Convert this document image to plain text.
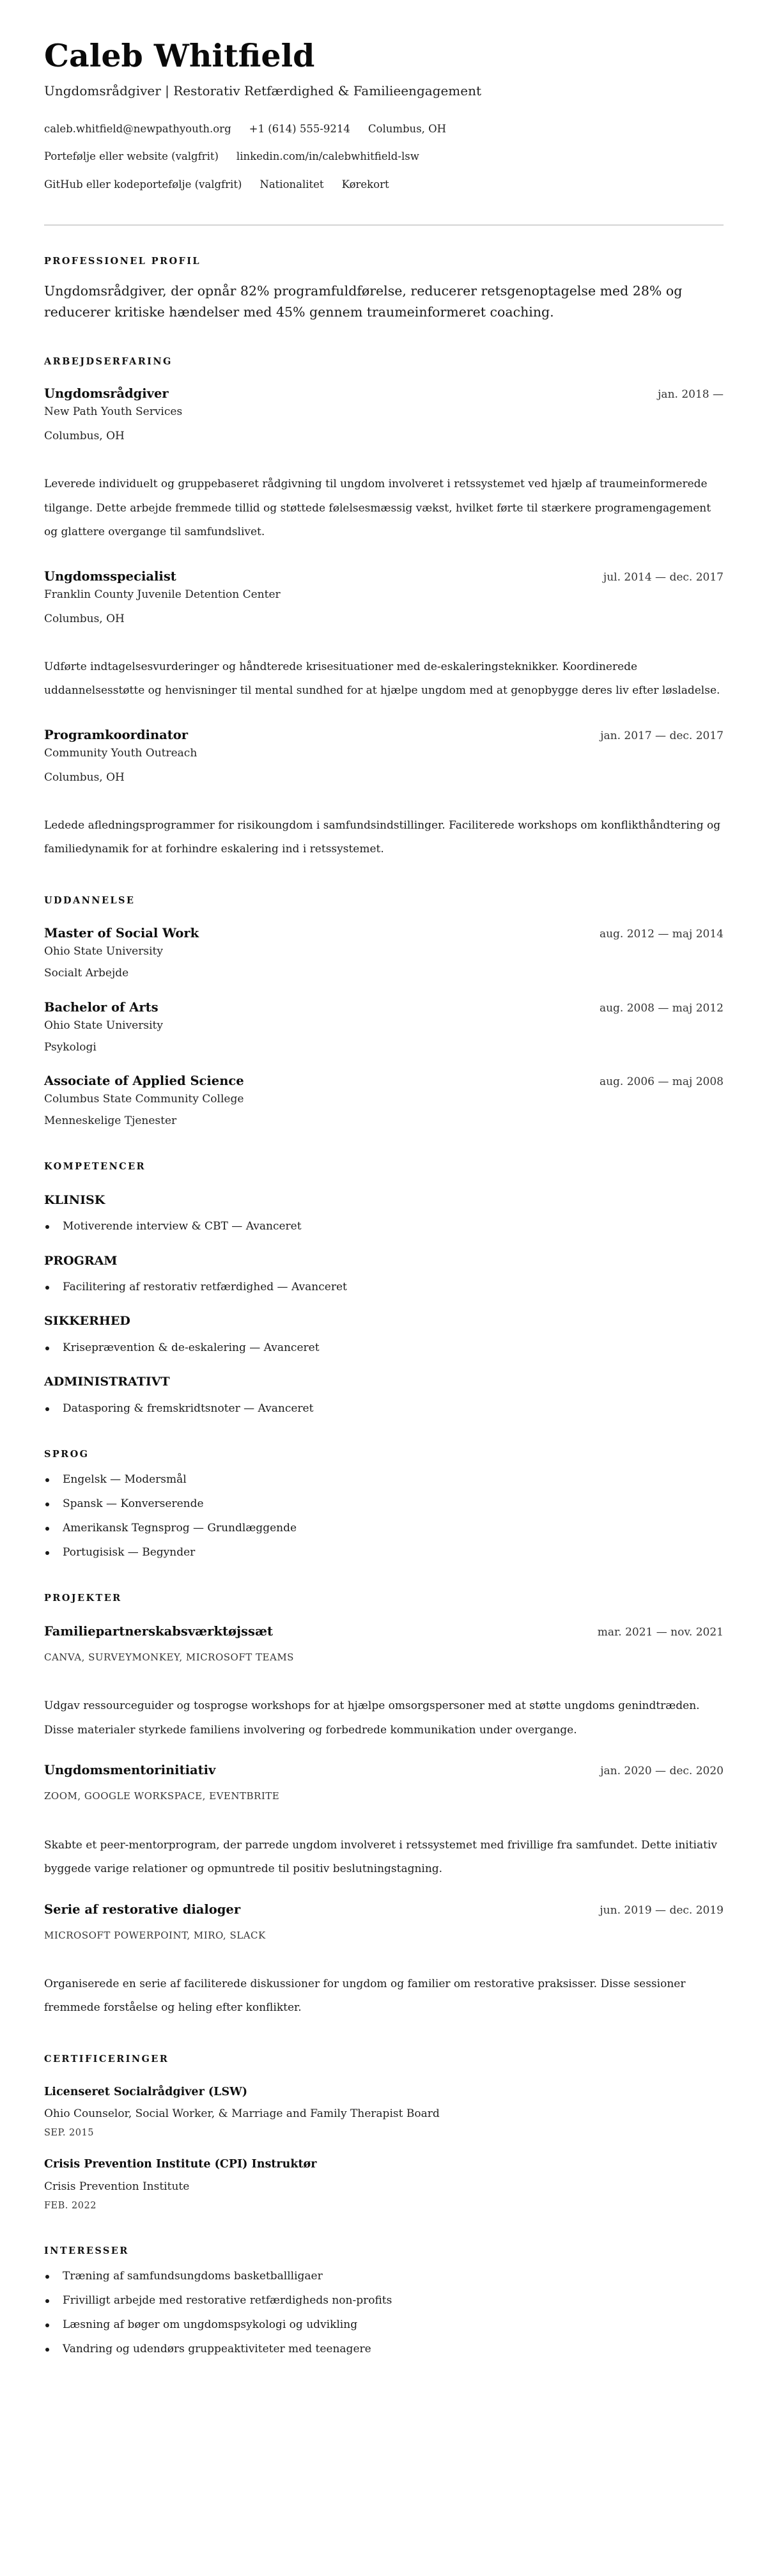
Caleb Whitfield

Ungdomsrådgiver | Restorativ Retfærdighed & Familieengagement

caleb.whitfield@newpathyouth.org +1 (614) 555-9214 Columbus, OH

Portefølje eller website (valgfrit) linkedin.com/in/calebwhitfield-lsw

GitHub eller kodeportefølje (valgfrit) Nationalitet Kørekort

PROFESSIONEL PROFIL

Ungdomsrådgiver, der opnår 82% programfuldførelse, reducerer retsgenoptagelse med 28% og reducerer kritiske hændelser med 45% gennem traumeinformeret coaching.

ARBEJDSERFARING
Ungdomsrådgiver	jan. 2018 —
New Path Youth Services
Columbus, OH

Leverede individuelt og gruppebaseret rådgivning til ungdom involveret i retssystemet ved hjælp af traumeinformerede tilgange. Dette arbejde fremmede tillid og støttede følelsesmæssig vækst, hvilket førte til stærkere programengagement og glattere overgange til samfundslivet.

Ungdomsspecialist	jul. 2014 — dec. 2017
Franklin County Juvenile Detention Center
Columbus, OH

Udførte indtagelsesvurderinger og håndterede krisesituationer med de-eskaleringsteknikker. Koordinerede uddannelsesstøtte og henvisninger til mental sundhed for at hjælpe ungdom med at genopbygge deres liv efter løsladelse.

Programkoordinator	jan. 2017 — dec. 2017
Community Youth Outreach
Columbus, OH

Ledede afledningsprogrammer for risikoungdom i samfundsindstillinger. Faciliterede workshops om konflikthåndtering og familiedynamik for at forhindre eskalering ind i retssystemet.

UDDANNELSE
Master of Social Work	aug. 2012 — maj 2014
Ohio State University
Socialt Arbejde
Bachelor of Arts	aug. 2008 — maj 2012
Ohio State University
Psykologi
Associate of Applied Science	aug. 2006 — maj 2008
Columbus State Community College
Menneskelige Tjenester
KOMPETENCER
KLINISK
Motiverende interview & CBT — Avanceret
PROGRAM
Facilitering af restorativ retfærdighed — Avanceret
SIKKERHED
Kriseprævention & de-eskalering — Avanceret
ADMINISTRATIVT
Datasporing & fremskridtsnoter — Avanceret
SPROG
Engelsk — Modersmål
Spansk — Konverserende
Amerikansk Tegnsprog — Grundlæggende
Portugisisk — Begynder
PROJEKTER
Familiepartnerskabsværktøjssæt	mar. 2021 — nov. 2021
CANVA, SURVEYMONKEY, MICROSOFT TEAMS

Udgav ressourceguider og tosprogse workshops for at hjælpe omsorgspersoner med at støtte ungdoms genindtræden. Disse materialer styrkede familiens involvering og forbedrede kommunikation under overgange.

Ungdomsmentorinitiativ	jan. 2020 — dec. 2020
ZOOM, GOOGLE WORKSPACE, EVENTBRITE

Skabte et peer-mentorprogram, der parrede ungdom involveret i retssystemet med frivillige fra samfundet. Dette initiativ byggede varige relationer og opmuntrede til positiv beslutningstagning.

Serie af restorative dialoger	jun. 2019 — dec. 2019
MICROSOFT POWERPOINT, MIRO, SLACK

Organiserede en serie af faciliterede diskussioner for ungdom og familier om restorative praksisser. Disse sessioner fremmede forståelse og heling efter konflikter.

CERTIFICERINGER
Licenseret Socialrådgiver (LSW)
Ohio Counselor, Social Worker, & Marriage and Family Therapist Board
SEP. 2015
Crisis Prevention Institute (CPI) Instruktør
Crisis Prevention Institute
FEB. 2022
INTERESSER
Træning af samfundsungdoms basketballligaer
Frivilligt arbejde med restorative retfærdigheds non-profits
Læsning af bøger om ungdomspsykologi og udvikling
Vandring og udendørs gruppeaktiviteter med teenagere
